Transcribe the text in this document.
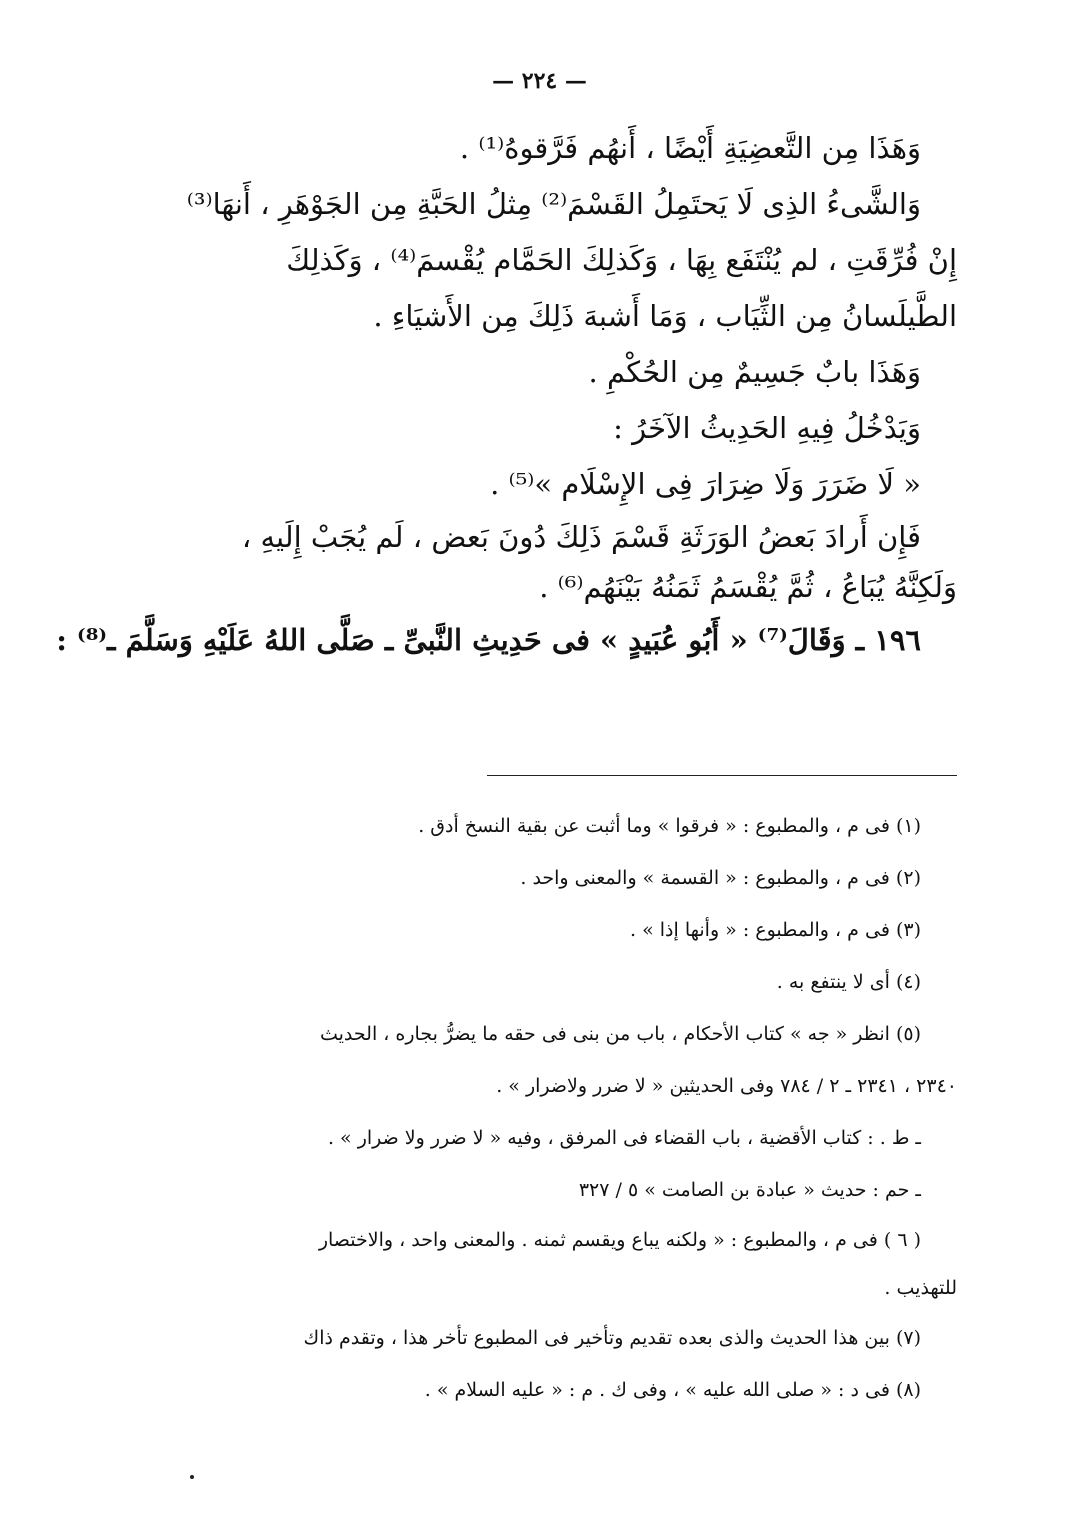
— ٢٢٤ —
وَهَذَا مِن التَّعضِيَةِ أَيْضًا ، أَنهُم فَرَّقوهُ⁽¹⁾ .
وَالشَّىءُ الذِى لَا يَحتَمِلُ القَسْمَ⁽²⁾ مِثلُ الحَبَّةِ مِن الجَوْهَرِ ، أَنهَا⁽³⁾
إِنْ فُرِّقَتِ ، لم يُنْتَفَع بِهَا ، وَكَذلِكَ الحَمَّام يُقْسمَ⁽⁴⁾ ، وَكَذلِكَ
الطَّيلَسانُ مِن الثِّيَاب ، وَمَا أَشبهَ ذَلِكَ مِن الأَشيَاءِ .
وَهَذَا بابٌ جَسِيمٌ مِن الحُكْمِ .
وَيَدْخُلُ فِيهِ الحَدِيثُ الآخَرُ :
« لَا ضَرَرَ وَلَا ضِرَارَ فِى الإِسْلَام »⁽⁵⁾ .
فَإِن أَرادَ بَعضُ الوَرَثَةِ قَسْمَ ذَلِكَ دُونَ بَعض ، لَم يُجَبْ إِلَيهِ ،
وَلَكِنَّهُ يُبَاعُ ، ثُمَّ يُقْسَمُ ثَمَنُهُ بَيْنَهُم⁽⁶⁾ .
١٩٦ ـ وَقَالَ⁽⁷⁾ « أَبُو عُبَيدٍ » فى حَدِيثِ النَّبىِّ ـ صَلَّى اللهُ عَلَيْهِ وَسَلَّمَ ـ⁽⁸⁾ :
(١) فى م ، والمطبوع : « فرقوا » وما أثبت عن بقية النسخ أدق .
(٢) فى م ، والمطبوع : « القسمة » والمعنى واحد .
(٣) فى م ، والمطبوع : « وأنها إذا » .
(٤) أى لا ينتفع به .
(٥) انظر « جه » كتاب الأحكام ، باب من بنى فى حقه ما يضرُّ بجاره ، الحديث
٢٣٤٠ ، ٢٣٤١ ـ ٢ / ٧٨٤ وفى الحديثين « لا ضرر ولاضرار » .
ـ ط . : كتاب الأقضية ، باب القضاء فى المرفق ، وفيه « لا ضرر ولا ضرار » .
ـ حم : حديث « عبادة بن الصامت » ٥ / ٣٢٧
( ٦ ) فى م ، والمطبوع : « ولكنه يباع ويقسم ثمنه . والمعنى واحد ، والاختصار
للتهذيب .
(٧) بين هذا الحديث والذى بعده تقديم وتأخير فى المطبوع تأخر هذا ، وتقدم ذاك
(٨) فى د : « صلى الله عليه » ، وفى ك . م : « عليه السلام » .
